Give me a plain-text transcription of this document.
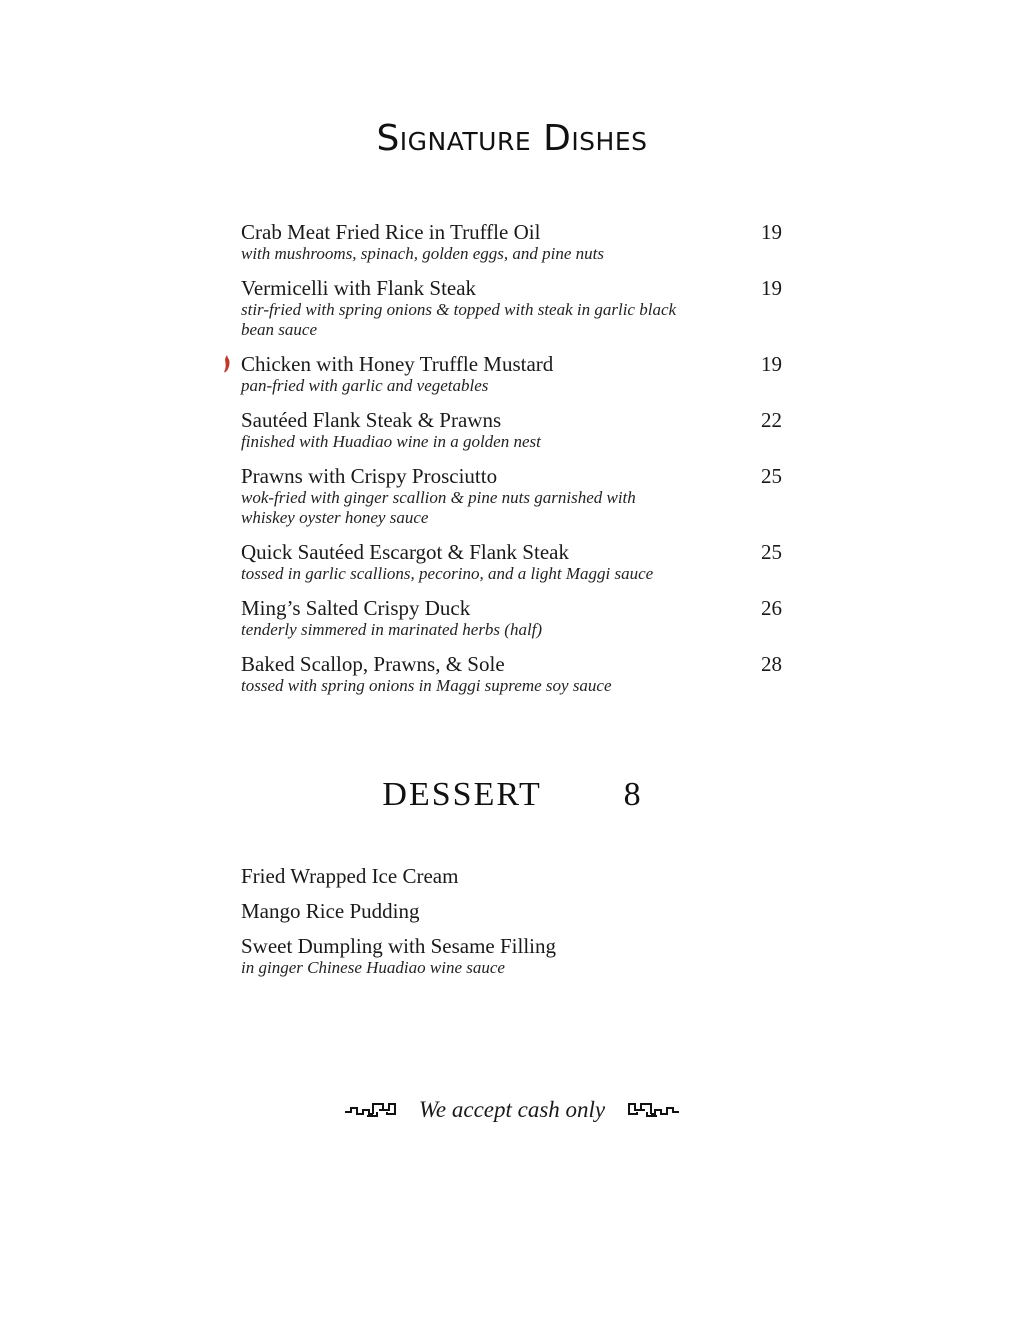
Signature Dishes
Crab Meat Fried Rice in Truffle Oil
with mushrooms, spinach, golden eggs, and pine nuts
19
Vermicelli with Flank Steak
stir-fried with spring onions & topped with steak in garlic black bean sauce
19
Chicken with Honey Truffle Mustard
pan-fried with garlic and vegetables
19
Sautéed Flank Steak & Prawns
finished with Huadiao wine in a golden nest
22
Prawns with Crispy Prosciutto
wok-fried with ginger scallion & pine nuts garnished with whiskey oyster honey sauce
25
Quick Sautéed Escargot & Flank Steak
tossed in garlic scallions, pecorino, and a light Maggi sauce
25
Ming’s Salted Crispy Duck
tenderly simmered in marinated herbs (half)
26
Baked Scallop, Prawns, & Sole
tossed with spring onions in Maggi supreme soy sauce
28
DESSERT 8
Fried Wrapped Ice Cream
Mango Rice Pudding
Sweet Dumpling with Sesame Filling
in ginger Chinese Huadiao wine sauce
We accept cash only
